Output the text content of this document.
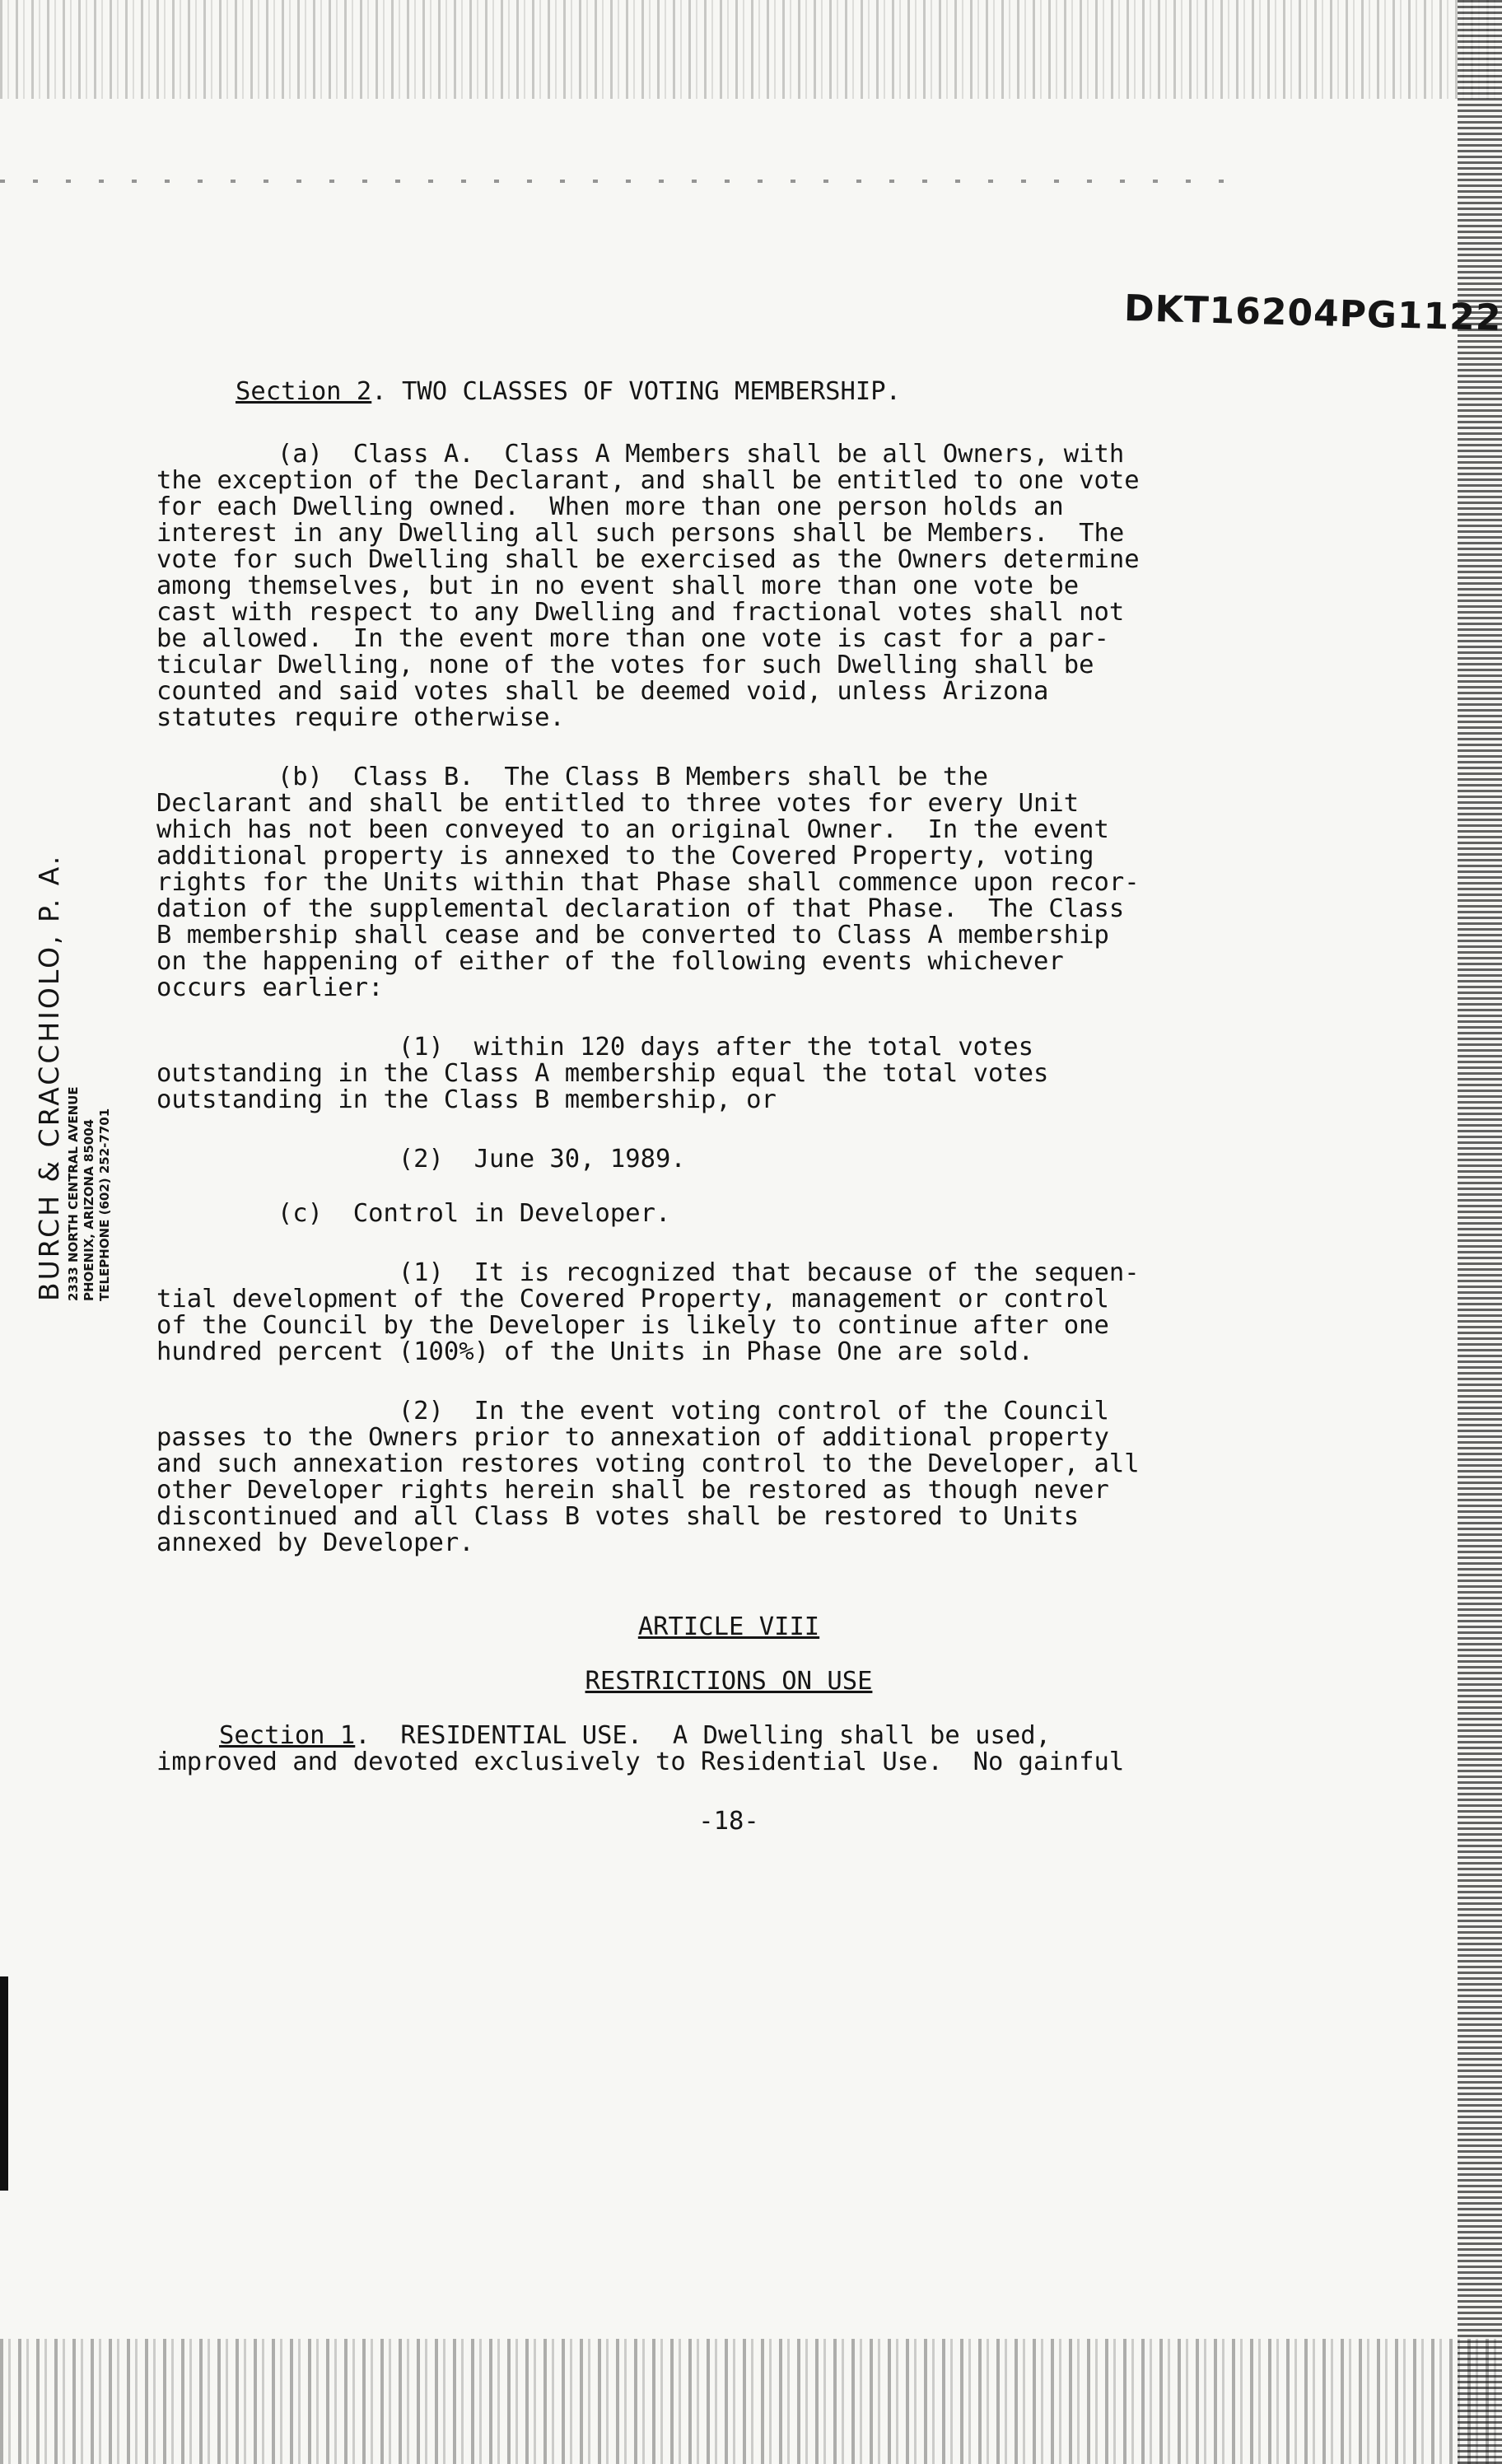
DKT16204PG1122
BURCH & CRACCHIOLO, P. A. 2333 NORTH CENTRAL AVENUE PHOENIX, ARIZONA 85004 TELEPHONE (602) 252-7701

Section 2. TWO CLASSES OF VOTING MEMBERSHIP.

(a)  Class A.  Class A Members shall be all Owners, with

the exception of the Declarant, and shall be entitled to one vote

for each Dwelling owned.  When more than one person holds an

interest in any Dwelling all such persons shall be Members.  The

vote for such Dwelling shall be exercised as the Owners determine

among themselves, but in no event shall more than one vote be

cast with respect to any Dwelling and fractional votes shall not

be allowed.  In the event more than one vote is cast for a par-

ticular Dwelling, none of the votes for such Dwelling shall be

counted and said votes shall be deemed void, unless Arizona

statutes require otherwise.

(b)  Class B.  The Class B Members shall be the

Declarant and shall be entitled to three votes for every Unit

which has not been conveyed to an original Owner.  In the event

additional property is annexed to the Covered Property, voting

rights for the Units within that Phase shall commence upon recor-

dation of the supplemental declaration of that Phase.  The Class

B membership shall cease and be converted to Class A membership

on the happening of either of the following events whichever

occurs earlier:

(1)  within 120 days after the total votes

outstanding in the Class A membership equal the total votes

outstanding in the Class B membership, or

(2)  June 30, 1989.

(c)  Control in Developer.

(1)  It is recognized that because of the sequen-

tial development of the Covered Property, management or control

of the Council by the Developer is likely to continue after one

hundred percent (100%) of the Units in Phase One are sold.

(2)  In the event voting control of the Council

passes to the Owners prior to annexation of additional property

and such annexation restores voting control to the Developer, all

other Developer rights herein shall be restored as though never

discontinued and all Class B votes shall be restored to Units

annexed by Developer.

ARTICLE VIII

RESTRICTIONS ON USE

Section 1.  RESIDENTIAL USE.  A Dwelling shall be used,

improved and devoted exclusively to Residential Use.  No gainful

-18-
